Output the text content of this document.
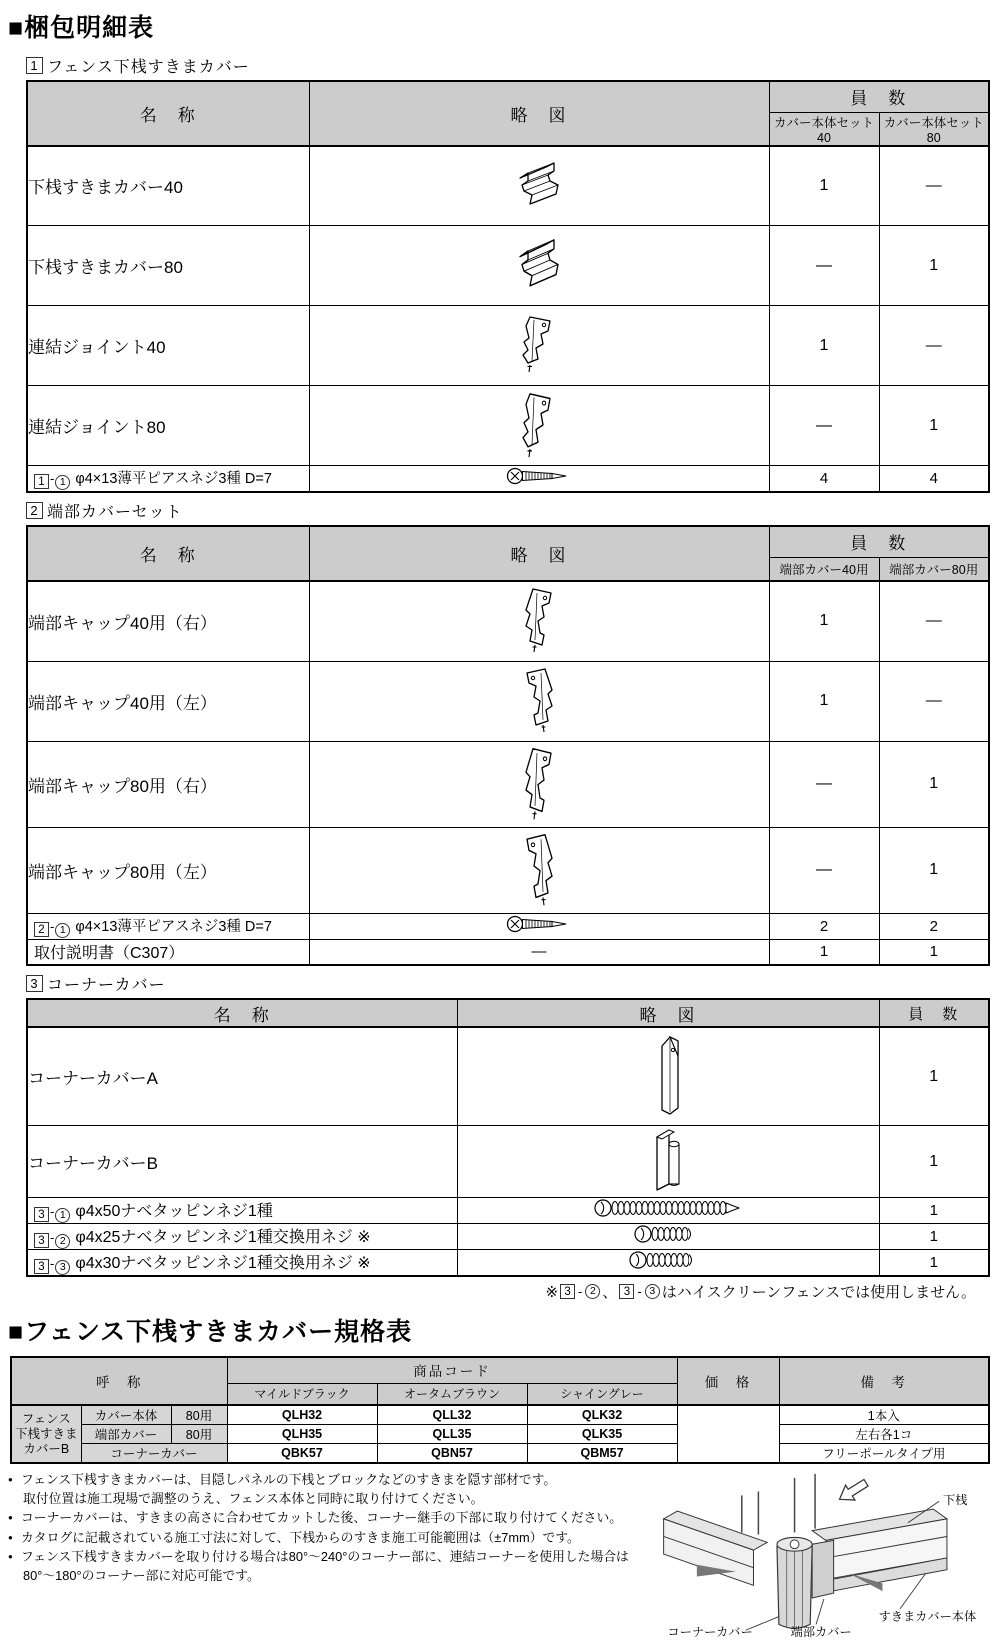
■梱包明細表
1 フェンス下桟すきまカバー
名　称	略　図	員　数	
		カバー本体セット40	カバー本体セット80
下桟すきまカバー40		1	—
下桟すきまカバー80		—	1
連結ジョイント40		1	—
連結ジョイント80		—	1
1 - 1 φ4×13薄平ピアスネジ3種 D=7		4	4
2 端部カバーセット
名　称	略　図	員　数	
		端部カバー40用	端部カバー80用
端部キャップ40用（右）		1	—
端部キャップ40用（左）		1	—
端部キャップ80用（右）		—	1
端部キャップ80用（左）		—	1
2 - 1 φ4×13薄平ピアスネジ3種 D=7		2	2
取付説明書（C307）	—	1	1
3 コーナーカバー
名　称	略　図	員　数
コーナーカバーA		1
コーナーカバーB		1
3 - 1 φ4x50ナベタッピンネジ1種		1
3 - 2 φ4x25ナベタッピンネジ1種交換用ネジ ※		1
3 - 3 φ4x30ナベタッピンネジ1種交換用ネジ ※		1
※ 3 - 2 、 3 - 3 はハイスクリーンフェンスでは使用しません。
■フェンス下桟すきまカバー規格表
呼　称			商品コード			価　格	備　考
			マイルドブラック	オータムブラウン	シャイングレー		

フェンス
下桟すきま
カバーB	カバー本体	80用	QLH32	QLL32	QLK32		1本入
	端部カバー	80用	QLH35	QLL35	QLK35		左右各1コ
	コーナーカバー		QBK57	QBN57	QBM57		フリーポールタイプ用
● フェンス下桟すきまカバーは、目隠しパネルの下桟とブロックなどのすきまを隠す部材です。
取付位置は施工現場で調整のうえ、フェンス本体と同時に取り付けてください。
● コーナーカバーは、すきまの高さに合わせてカットした後、コーナー継手の下部に取り付けてください。
● カタログに記載されている施工寸法に対して、下桟からのすきま施工可能範囲は（±7mm）です。
● フェンス下桟すきまカバーを取り付ける場合は80°〜240°のコーナー部に、連結コーナーを使用した場合は
80°〜180°のコーナー部に対応可能です。
下桟
すきまカバー本体
端部カバー
コーナーカバー
